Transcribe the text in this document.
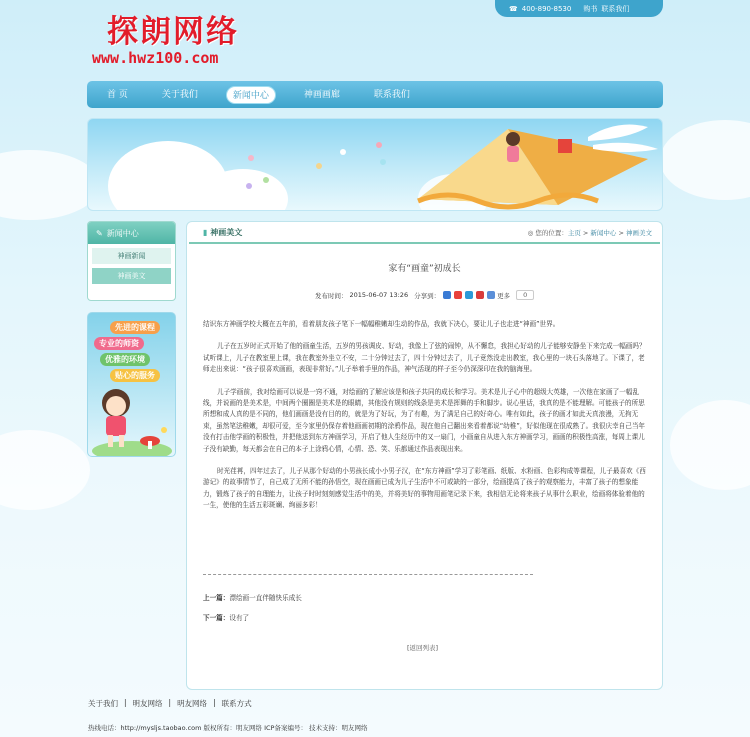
探朗网络
www.hwz100.com
☎ 400-890-8530 购书 联系我们
首 页	关于我们	新闻中心	神画画廊	联系我们
✎ 新闻中心
神画新闻
神画美文
先进的课程
专业的师资
优雅的环境
贴心的服务
▮ 神画美文	◎ 您的位置：主页 > 新闻中心 > 神画美文
家有“画童”初成长
发布时间： 2015-06-07 13:26 分享到：	更多	0

结识东方神画学校大概在五年前，看着朋友孩子笔下一幅幅稚嫩却生动的作品，我就下决心，要让儿子也走进“神画”世界。

儿子在五岁时正式开始了他的画童生活，五岁的男孩调皮、好动，我像上了弦的闹钟，从不懈怠，我担心好动的儿子能够安静坐下来完成一幅画吗？试听课上，儿子在教室里上课，我在教室外坐立不安，二十分钟过去了，四十分钟过去了，儿子竟然没走出教室，我心里的一块石头落地了。下课了，老师走出来说：“孩子很喜欢画画，表现非常好。”儿子举着手里的作品，神气活现的样子至今仍深深印在我的脑海里。

儿子学画前，我对绘画可以说是一窍不通，对绘画的了解应该是和孩子共同的成长和学习。美术是儿子心中的超级大英雄，一次他在家画了一幅乱线，并说画的是美术是，中间两个圈圈是美术是的眼睛，其他没有规则的线条是美术是挥舞的手和脚步。说心里话，我真的是不能理解。可能孩子的所思所想和成人真的是不同的，他们画画是没有目的的，就是为了好玩，为了有趣，为了满足自己的好奇心。唯有如此，孩子的画才如此天真浪漫，无拘无束，虽然笔法稚嫩，却很可爱，至今家里仍保存着他画画初期的涂鸦作品，现在他自己翻出来看着都说“幼稚”，好似他现在很成熟了。我很庆幸自己当年没有打击他学画的积极性，并把他送到东方神画学习，开启了他人生经历中的又一扇门，小画童自从进入东方神画学习，画画的积极性高涨，每周上课儿子没有缺勤，每天都会在自己的本子上涂鸦心情，心情、恐、笑、乐都通过作品表现出来。

时光荏苒，四年过去了，儿子从那个好动的小男孩长成小小男子汉，在“东方神画”学习了彩笔画、纸版、水粉画、色彩构成等课程，儿子最喜欢《西游记》的故事情节了，自己成了无所不能的孙悟空，现在画画已成为儿子生活中不可或缺的一部分，绘画提高了孩子的观察能力，丰富了孩子的想象能力，锻炼了孩子的自理能力，让孩子时时刻刻感觉生活中的美，并将美好的事物用画笔记录下来，我相信无论将来孩子从事什么职业，绘画将体验着他的一生，使他的生活五彩斑斓、绚丽多彩！

上一篇：漂绘画一直伴随快乐成长
下一篇：设有了
[返回列表]
关于我们 | 明友网络 | 明友网络 | 联系方式
热线电话：http://mysljs.taobao.com 版权所有：明友网络 ICP备案编号： 技术支持：明友网络
